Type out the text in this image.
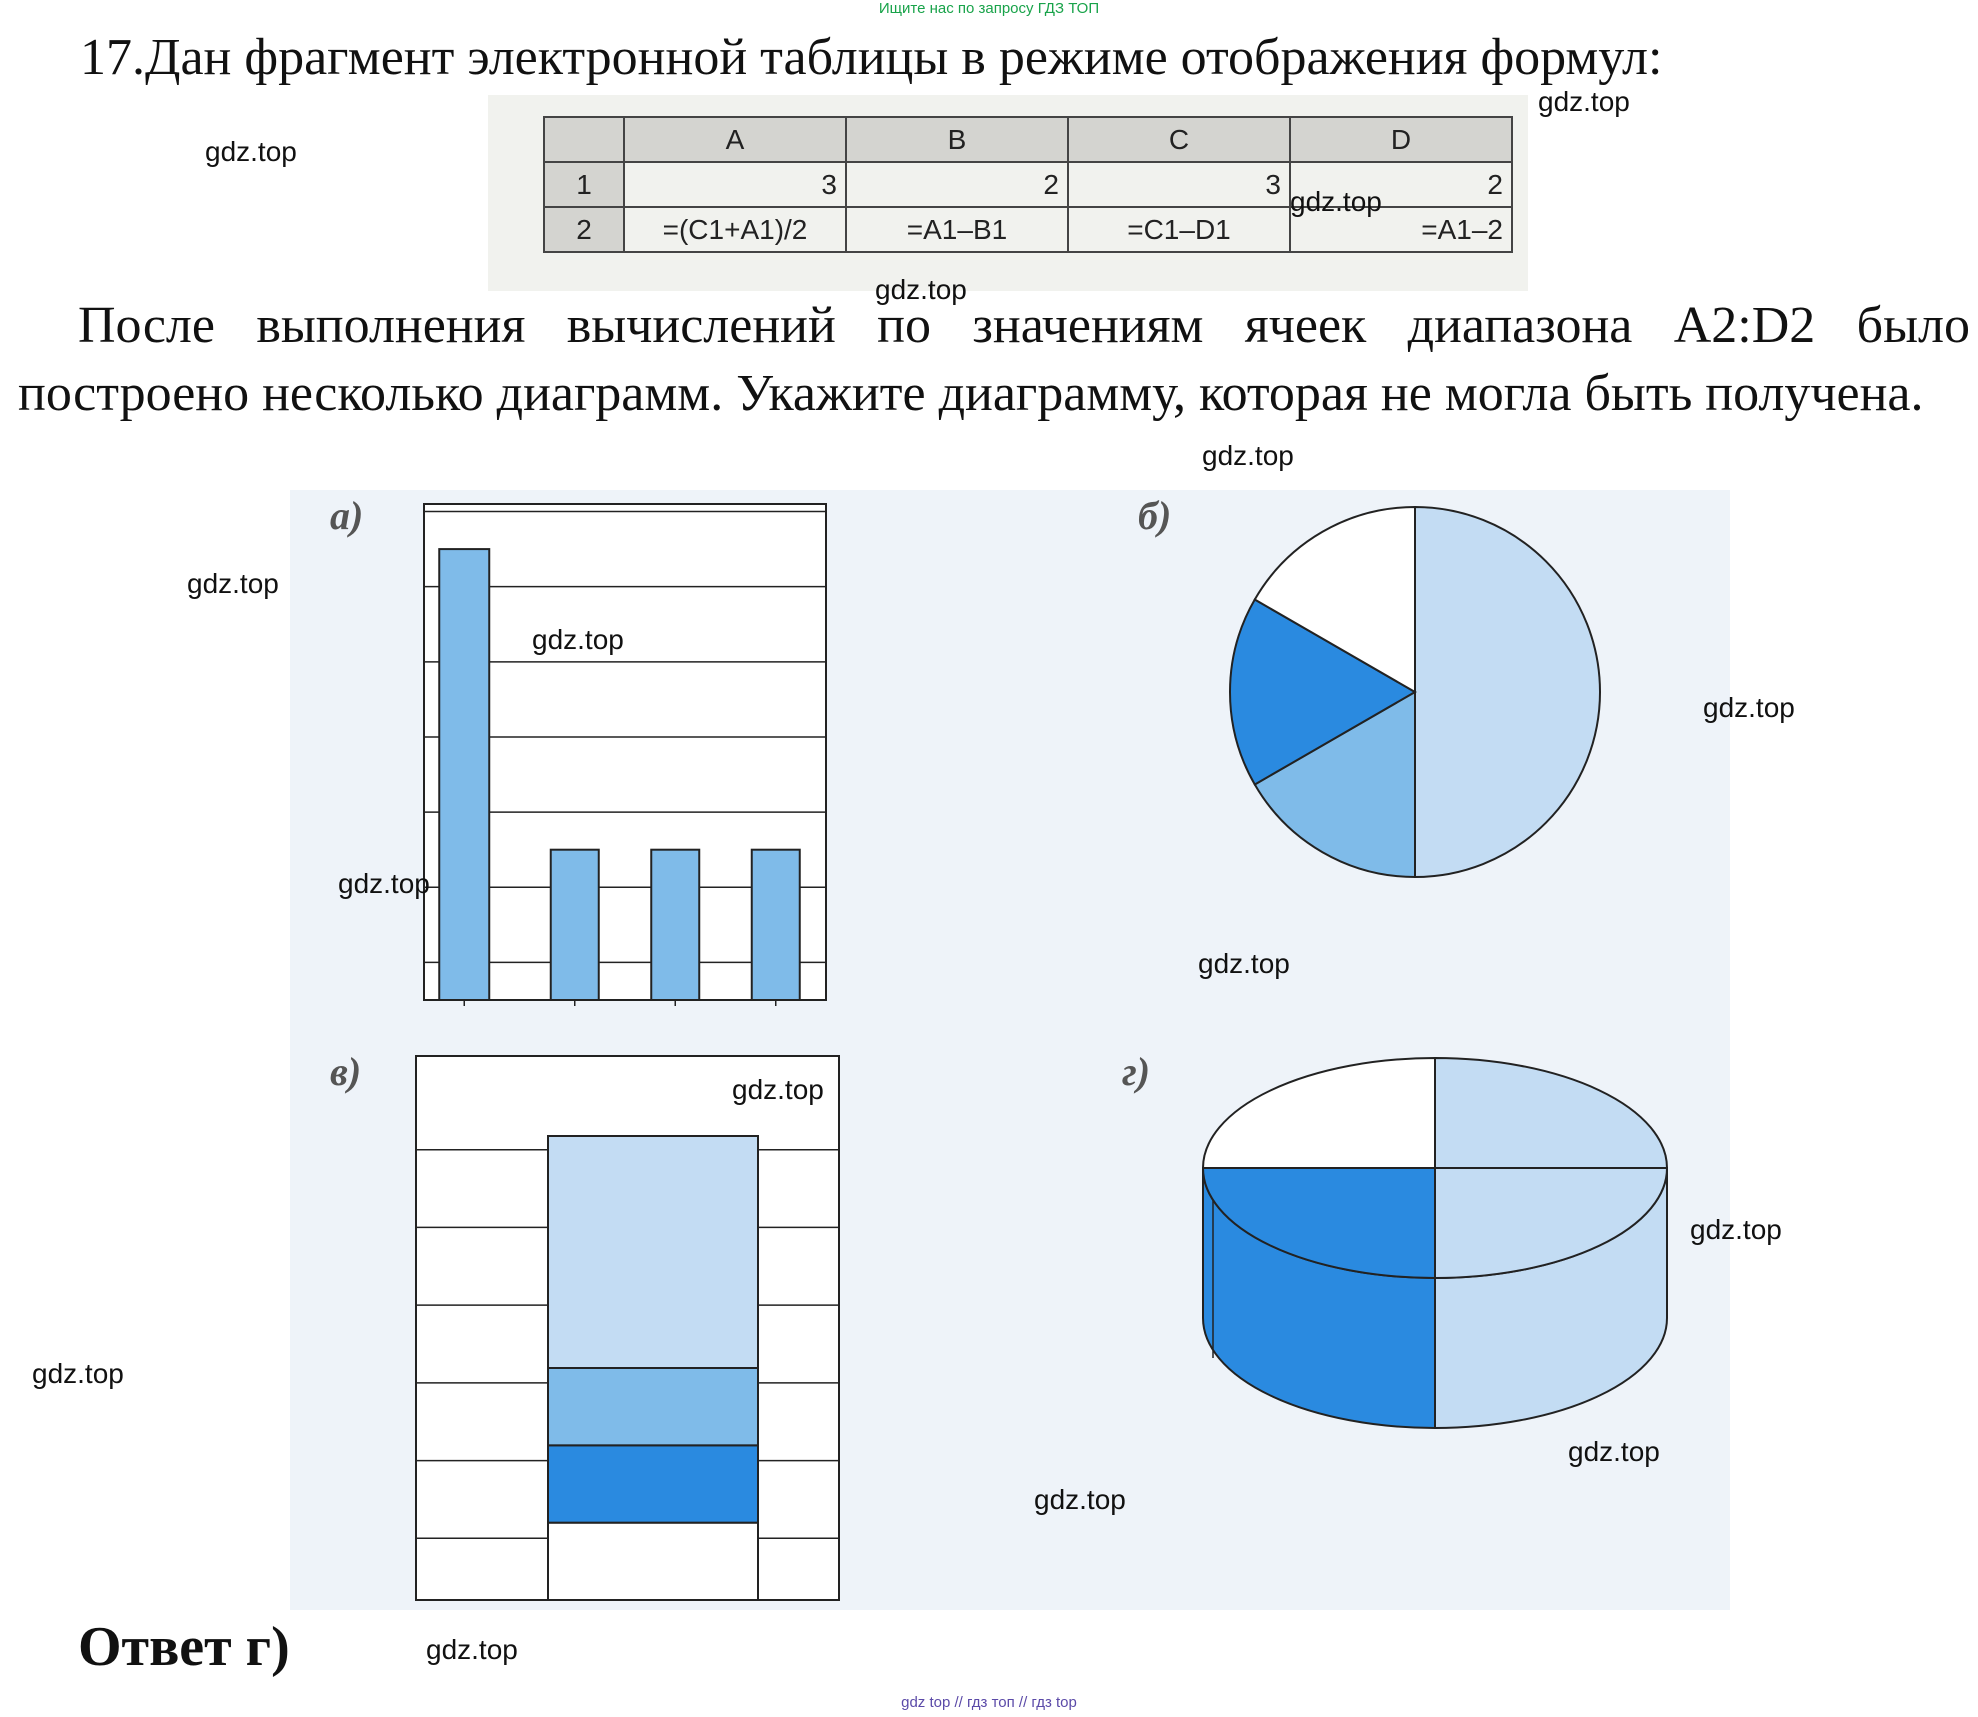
Ищите нас по запросу ГДЗ ТОП
17.Дан фрагмент электронной таблицы в режиме отображения формул:
	A	B	C	D
1	3	2	3	2
2	=(C1+A1)/2	=A1–B1	=C1–D1	=A1–2
После выполнения вычислений по значениям ячеек диапазона A2:D2 было построено несколько диаграмм. Укажите диаграмму, которая не могла быть получена.
а)	б)
в)	г)
Ответ г)
gdz top // гдз топ // гдз top
gdz.top
gdz.top
gdz.top
gdz.top
gdz.top
gdz.top
gdz.top
gdz.top
gdz.top
gdz.top
gdz.top
gdz.top
gdz.top
gdz.top
gdz.top
gdz.top
